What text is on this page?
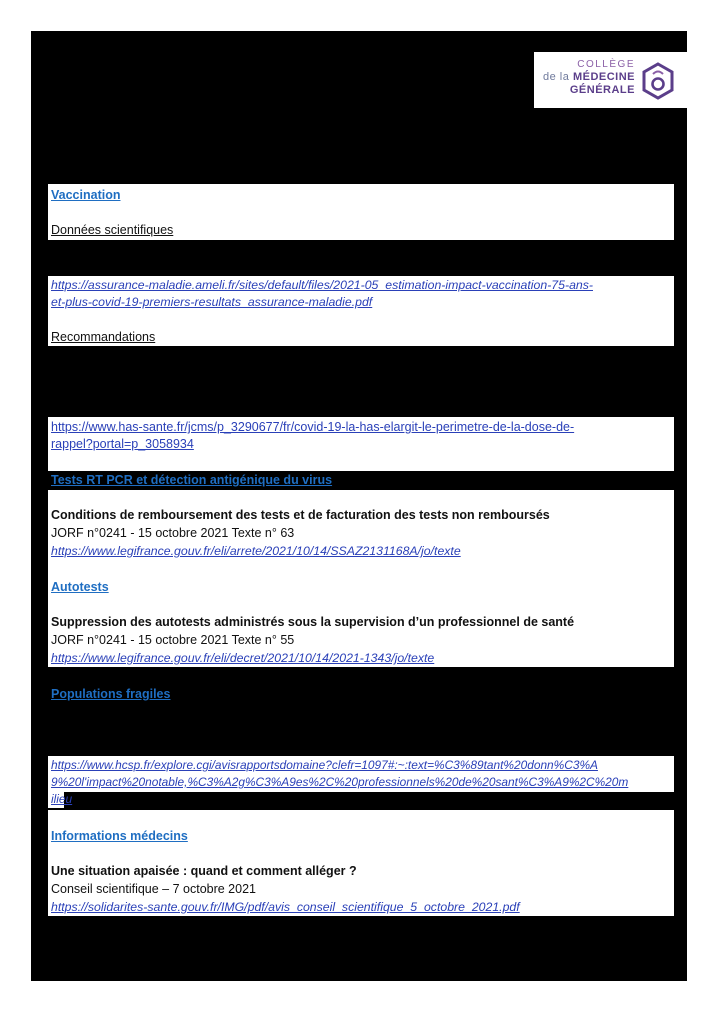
COLLÈGE
de la MÉDECINE
GÉNÉRALE
Vaccination
Données scientifiques
https://assurance-maladie.ameli.fr/sites/default/files/2021-05_estimation-impact-vaccination-75-ans-
et-plus-covid-19-premiers-resultats_assurance-maladie.pdf
Recommandations
https://www.has-sante.fr/jcms/p_3290677/fr/covid-19-la-has-elargit-le-perimetre-de-la-dose-de-
rappel?portal=p_3058934
Tests RT PCR et détection antigénique du virus
Conditions de remboursement des tests et de facturation des tests non remboursés
JORF n°0241 - 15 octobre 2021 Texte n° 63
https://www.legifrance.gouv.fr/eli/arrete/2021/10/14/SSAZ2131168A/jo/texte
Autotests
Suppression des autotests administrés sous la supervision d’un professionnel de santé
JORF n°0241 - 15 octobre 2021 Texte n° 55
https://www.legifrance.gouv.fr/eli/decret/2021/10/14/2021-1343/jo/texte
Populations fragiles
https://www.hcsp.fr/explore.cgi/avisrapportsdomaine?clefr=1097#:~:text=%C3%89tant%20donn%C3%A
9%20l'impact%20notable,%C3%A2g%C3%A9es%2C%20professionnels%20de%20sant%C3%A9%2C%20m
ilieu
Informations médecins
Une situation apaisée : quand et comment alléger ?
Conseil scientifique – 7 octobre 2021
https://solidarites-sante.gouv.fr/IMG/pdf/avis_conseil_scientifique_5_octobre_2021.pdf
